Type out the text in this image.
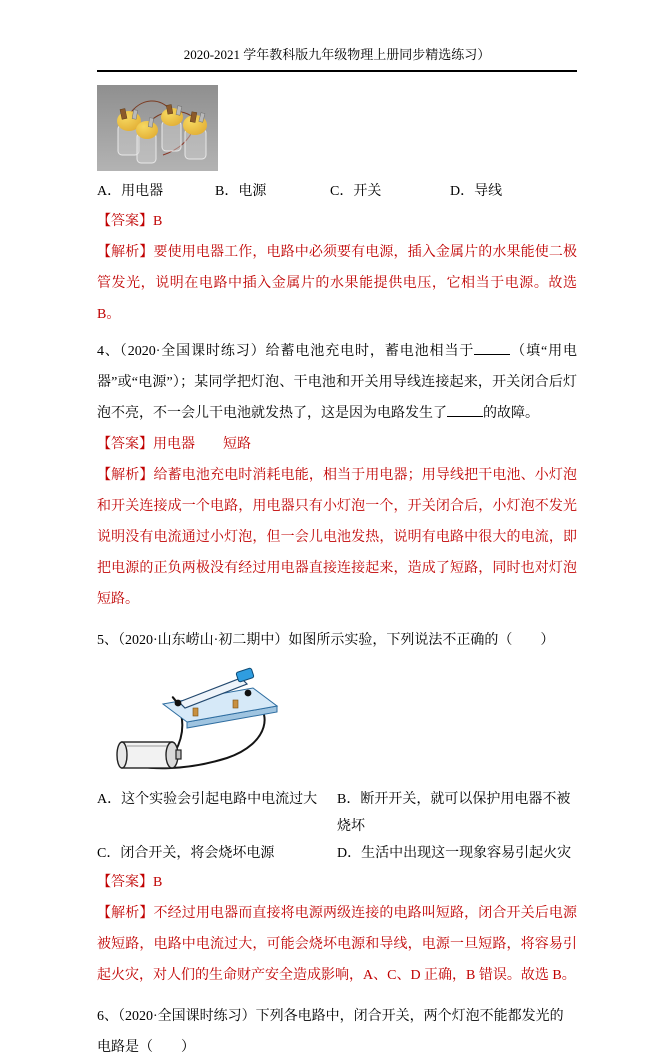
2020-2021 学年教科版九年级物理上册同步精选练习）
A．用电器	B．电源	C．开关	D．导线

【答案】B

【解析】要使用电器工作，电路中必须要有电源，插入金属片的水果能使二极管发光，说明在电路中插入金属片的水果能提供电压，它相当于电源。故选 B。

4、（2020·全国课时练习）给蓄电池充电时，蓄电池相当于	（填“用电器”或“电源”）；某同学把灯泡、干电池和开关用导线连接起来，开关闭合后灯泡不亮，不一会儿干电池就发热了，这是因为电路发生了	的故障。

【答案】用电器　　短路

【解析】给蓄电池充电时消耗电能，相当于用电器；用导线把干电池、小灯泡和开关连接成一个电路，用电器只有小灯泡一个，开关闭合后，小灯泡不发光说明没有电流通过小灯泡，但一会儿电池发热，说明有电路中很大的电流，即把电源的正负两极没有经过用电器直接连接起来，造成了短路，同时也对灯泡短路。

5、（2020·山东崂山·初二期中）如图所示实验，下列说法不正确的（　　）

A．这个实验会引起电路中电流过大	B．断开开关，就可以保护用电器不被烧坏
C．闭合开关，将会烧坏电源	D．生活中出现这一现象容易引起火灾

【答案】B

【解析】不经过用电器而直接将电源两级连接的电路叫短路，闭合开关后电源被短路，电路中电流过大，可能会烧坏电源和导线，电源一旦短路，将容易引起火灾，对人们的生命财产安全造成影响，A、C、D 正确，B 错误。故选 B。

6、（2020·全国课时练习）下列各电路中，闭合开关，两个灯泡不能都发光的电路是（　　）
